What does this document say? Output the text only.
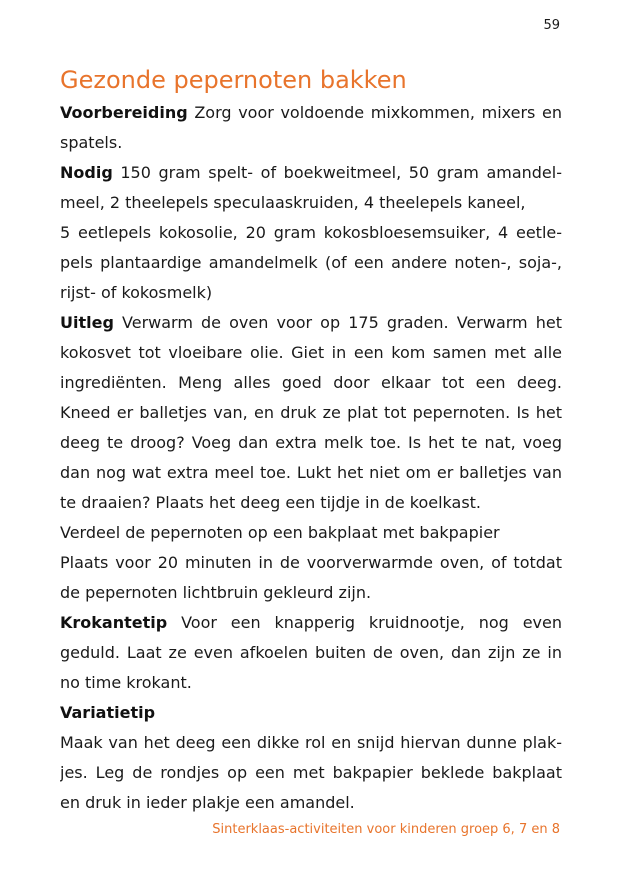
59
Gezonde pepernoten bakken
Voorbereiding Zorg voor voldoende mixkommen, mixers en
spatels.
Nodig 150 gram spelt- of boekweitmeel, 50 gram amandel-
meel, 2 theelepels speculaaskruiden, 4 theelepels kaneel,
5 eetlepels kokosolie, 20 gram kokosbloesemsuiker, 4 eetle-
pels plantaardige amandelmelk (of een andere noten-, soja-,
rijst- of kokosmelk)
Uitleg Verwarm de oven voor op 175 graden. Verwarm het
kokosvet tot vloeibare olie. Giet in een kom samen met alle
ingrediënten. Meng alles goed door elkaar tot een deeg.
Kneed er balletjes van, en druk ze plat tot pepernoten. Is het
deeg te droog? Voeg dan extra melk toe. Is het te nat, voeg
dan nog wat extra meel toe. Lukt het niet om er balletjes van
te draaien? Plaats het deeg een tijdje in de koelkast.
Verdeel de pepernoten op een bakplaat met bakpapier
Plaats voor 20 minuten in de voorverwarmde oven, of totdat
de pepernoten lichtbruin gekleurd zijn.
Krokantetip Voor een knapperig kruidnootje, nog even
geduld. Laat ze even afkoelen buiten de oven, dan zijn ze in
no time krokant.
Variatietip
Maak van het deeg een dikke rol en snijd hiervan dunne plak-
jes. Leg de rondjes op een met bakpapier beklede bakplaat
en druk in ieder plakje een amandel.
Sinterklaas-activiteiten voor kinderen groep 6, 7 en 8
